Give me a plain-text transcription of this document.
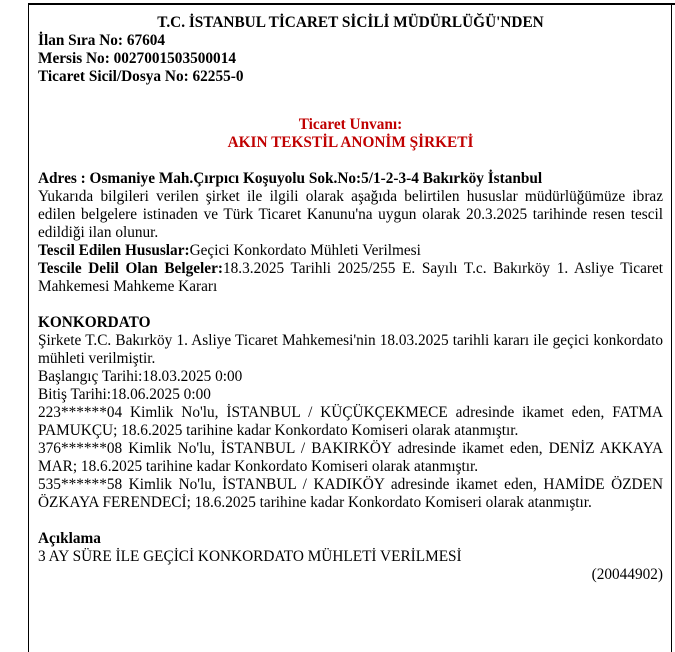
T.C. İSTANBUL TİCARET SİCİLİ MÜDÜRLÜĞÜ'NDEN

İlan Sıra No: 67604

Mersis No: 0027001503500014

Ticaret Sicil/Dosya No: 62255-0

Ticaret Unvanı:

AKIN TEKSTİL ANONİM ŞİRKETİ

Adres : Osmaniye Mah.Çırpıcı Koşuyolu Sok.No:5/1-2-3-4 Bakırköy İstanbul

Yukarıda bilgileri verilen şirket ile ilgili olarak aşağıda belirtilen hususlar müdürlüğümüze ibraz edilen belgelere istinaden ve Türk Ticaret Kanunu'na uygun olarak 20.3.2025 tarihinde resen tescil edildiği ilan olunur.

Tescil Edilen Hususlar:Geçici Konkordato Mühleti Verilmesi

Tescile Delil Olan Belgeler:18.3.2025 Tarihli 2025/255 E. Sayılı T.c. Bakırköy 1. Asliye Ticaret Mahkemesi Mahkeme Kararı

KONKORDATO

Şirkete T.C. Bakırköy 1. Asliye Ticaret Mahkemesi'nin 18.03.2025 tarihli kararı ile geçici konkordato mühleti verilmiştir.

Başlangıç Tarihi:18.03.2025 0:00

Bitiş Tarihi:18.06.2025 0:00

223******04 Kimlik No'lu, İSTANBUL / KÜÇÜKÇEKMECE adresinde ikamet eden, FATMA PAMUKÇU; 18.6.2025 tarihine kadar Konkordato Komiseri olarak atanmıştır.

376******08 Kimlik No'lu, İSTANBUL / BAKIRKÖY adresinde ikamet eden, DENİZ AKKAYA MAR; 18.6.2025 tarihine kadar Konkordato Komiseri olarak atanmıştır.

535******58 Kimlik No'lu, İSTANBUL / KADIKÖY adresinde ikamet eden, HAMİDE ÖZDEN ÖZKAYA FERENDECİ; 18.6.2025 tarihine kadar Konkordato Komiseri olarak atanmıştır.

Açıklama

3 AY SÜRE İLE GEÇİCİ KONKORDATO MÜHLETİ VERİLMESİ

(20044902)
